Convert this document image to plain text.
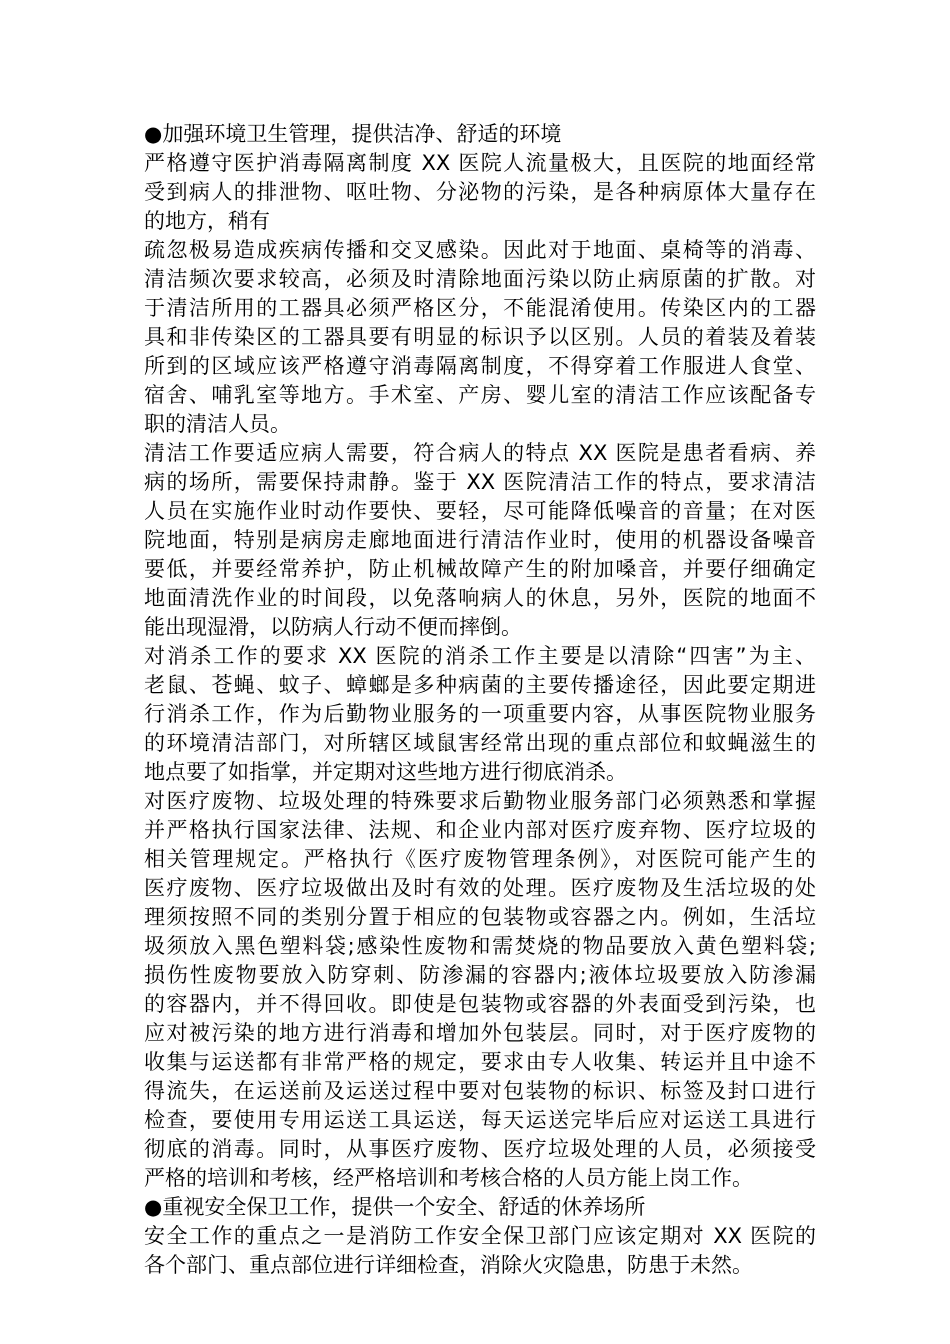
●加强环境卫生管理，提供洁净、舒适的环境
严格遵守医护消毒隔离制度 XX 医院人流量极大，且医院的地面经常
受到病人的排泄物、呕吐物、分泌物的污染，是各种病原体大量存在
的地方，稍有
疏忽极易造成疾病传播和交叉感染。因此对于地面、桌椅等的消毒、
清洁频次要求较高，必须及时清除地面污染以防止病原菌的扩散。对
于清洁所用的工器具必须严格区分，不能混淆使用。传染区内的工器
具和非传染区的工器具要有明显的标识予以区别。人员的着装及着装
所到的区域应该严格遵守消毒隔离制度，不得穿着工作服进人食堂、
宿舍、哺乳室等地方。手术室、产房、婴儿室的清洁工作应该配备专
职的清洁人员。
清洁工作要适应病人需要，符合病人的特点 XX 医院是患者看病、养
病的场所，需要保持肃静。鉴于 XX 医院清洁工作的特点，要求清洁
人员在实施作业时动作要快、要轻，尽可能降低噪音的音量；在对医
院地面，特别是病房走廊地面进行清洁作业时，使用的机器设备噪音
要低，并要经常养护，防止机械故障产生的附加嗓音，并要仔细确定
地面清洗作业的时间段，以免落响病人的休息，另外，医院的地面不
能出现湿滑，以防病人行动不便而摔倒。
对消杀工作的要求 XX 医院的消杀工作主要是以清除“四害”为主、
老鼠、苍蝇、蚊子、蟑螂是多种病菌的主要传播途径，因此要定期进
行消杀工作，作为后勤物业服务的一项重要内容，从事医院物业服务
的环境清洁部门，对所辖区域鼠害经常出现的重点部位和蚊蝇滋生的
地点要了如指掌，并定期对这些地方进行彻底消杀。
对医疗废物、垃圾处理的特殊要求后勤物业服务部门必须熟悉和掌握
并严格执行国家法律、法规、和企业内部对医疗废弃物、医疗垃圾的
相关管理规定。严格执行《医疗废物管理条例》，对医院可能产生的
医疗废物、医疗垃圾做出及时有效的处理。医疗废物及生活垃圾的处
理须按照不同的类别分置于相应的包装物或容器之内。例如，生活垃
圾须放入黑色塑料袋;感染性废物和需焚烧的物品要放入黄色塑料袋;
损伤性废物要放入防穿刺、防渗漏的容器内;液体垃圾要放入防渗漏
的容器内，并不得回收。即使是包装物或容器的外表面受到污染，也
应对被污染的地方进行消毒和增加外包装层。同时，对于医疗废物的
收集与运送都有非常严格的规定，要求由专人收集、转运并且中途不
得流失，在运送前及运送过程中要对包装物的标识、标签及封口进行
检查，要使用专用运送工具运送，每天运送完毕后应对运送工具进行
彻底的消毒。同时，从事医疗废物、医疗垃圾处理的人员，必须接受
严格的培训和考核，经严格培训和考核合格的人员方能上岗工作。
●重视安全保卫工作，提供一个安全、舒适的休养场所
安全工作的重点之一是消防工作安全保卫部门应该定期对 XX 医院的
各个部门、重点部位进行详细检查，消除火灾隐患，防患于未然。
